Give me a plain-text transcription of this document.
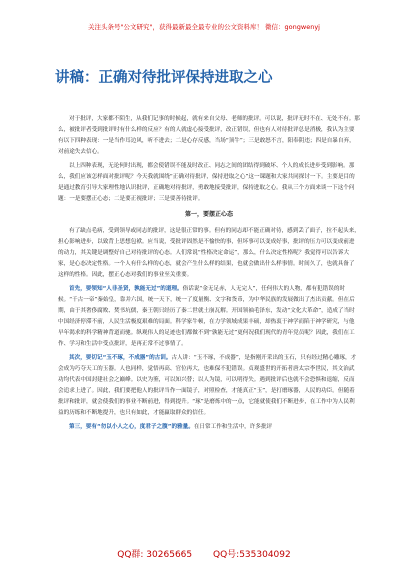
关注头条号"公文研究"，获得最新最全最专业的公文资料库！ 微信：gongwenyj
讲稿：正确对待批评保持进取之心

对于批评，大家都不陌生，从我们记事的时候起，就有来自父母、老师的批评。可以说，批评无时不在、无处不有。那么，被批评者受到批评时有什么样的反应？有的人就虚心接受批评，改正错误，但也有人对待批评总是消极，我认为主要有以下四种表现：一是当作耳边风，听不进去；二是心存反感，当场“顶牛”；三是敢怒不言，阳奉阴违；四是自暴自弃，对前途失去信心。

以上四种表现，无论何时出现，都会使错误不能及时改正、同志之间的团结得到破坏、个人的成长进步受到影响。那么，我们应该怎样面对批评呢？今天我就围绕“正确对待批评，保持进取之心”这一课题和大家共同探讨一下。主要是目的是通过教育引导大家理性地认识批评，正确地对待批评，勇敢地接受批评，保持进取之心。我从三个方面来谈一下这个问题：一是要摆正心态；二是要正视批评；三是要善待批评。

第一，要摆正心态

有了缺点毛病，受到领导或同志的批评，这是很正常的事。但有的同志却不能正确对待，感到丢了面子，拉不起头来，担心影响进步，以致背上思想包袱。应当说，受批评固然是不愉快的事，但坏事可以变成好事，批评的压力可以变成前进的动力，其关键是调整好自己对待批评的心态。人们常说“性格决定命运”，那么，什么决定性格呢？我觉得可以告诉大家，是心态决定性格。一个人有什么样的心态，就会产生什么样的结果，也就会做出什么样事情。时间久了，也就具备了这样的性格。因此，摆正心态对我们的事业至关重要。

首先，要领知“人非圣贤，孰能无过”的道理。俗话说“金无足赤，人无完人”，任何伟大的人物，都有犯错误的时候。“千古一帝”秦始皇，靠并六国，统一天下，统一了度量衡、文字和货币，为中华民族的发展做出了杰出贡献。但在后期，由于其奢侈腐败、焚书坑儒，秦王朝只经历了秦二世就土崩瓦解。开国领袖毛泽东，发动“文化大革命”，造成了当时中国经济停滞不前，人民生活极度艰难的局面。科学家牛顿，在力学领域成果丰硕，却热衷于神学而陷于神学研究，与他早年渴求的科学精神背道而驰。纵观伟人的足迹也们都做不到“孰能无过”更何况我们现代的青年党员呢？因此，我们在工作、学习和生活中受点批评，是再正常不过事情了。

其次，要切记“玉不琢，不成器”的古训。古人讲：“玉不琢，不成器”，是指刚开采出的玉石，只有经过精心雕琢，才会成为巧夺天工的玉器。人也同样，觉悟再高、官位再大，也难保不犯错误。贞观盛世的开拓者唐太宗李世民，其文治武功均代表中国封建社会之巅峰。以史为鉴，可以知兴替；以人为镜，可以明得失。遇到批评后也就不会恐惧和退缩，反而会追求上进了。因此，我们要把他人的批评当作一面镜子，对照检查，才能真正“玉”，是打磨琢器，人民的功臣。但随着批评和批评，就会使我们的事业不断前进，得到提升。“琢”是磨炼中的一点，它能就使我们不断进步，在工作中为人民利益的历练和不断地提升，也只有如此，才能赢取群众的信任。

第三，要有“勿以小人之心，度君子之腹”的雅量。在日常工作和生活中，许多批评

QQ群: 30265665 QQ号:535304092
